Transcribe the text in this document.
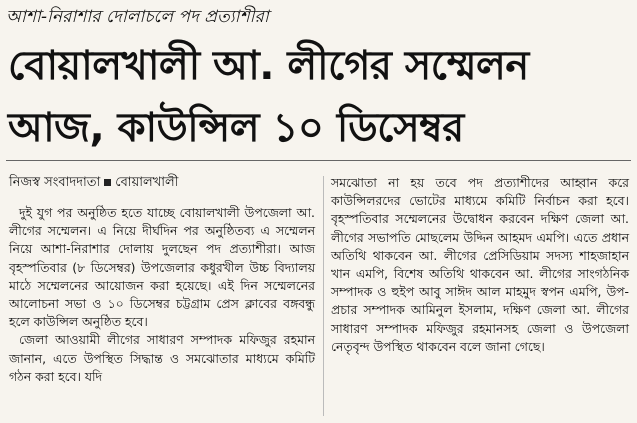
আশা-নিরাশার দোলাচলে পদ প্রত্যাশীরা
বোয়ালখালী আ. লীগের সম্মেলন
আজ, কাউন্সিল ১০ ডিসেম্বর
নিজস্ব সংবাদদাতা বোয়ালখালী

দুই যুগ পর অনুষ্ঠিত হতে যাচ্ছে বোয়ালখালী উপজেলা আ. লীগের সম্মেলন। এ নিয়ে দীর্ঘদিন পর অনুষ্ঠিতব্য এ সম্মেলন নিয়ে আশা-নিরাশার দোলায় দুলছেন পদ প্রত্যাশীরা। আজ বৃহস্পতিবার (৮ ডিসেম্বর) উপজেলার কধুরখীল উচ্চ বিদ্যালয় মাঠে সম্মেলনের আয়োজন করা হয়েছে। এই দিন সম্মেলনের আলোচনা সভা ও ১০ ডিসেম্বর চট্টগ্রাম প্রেস ক্লাবের বঙ্গবন্ধু হলে কাউন্সিল অনুষ্ঠিত হবে।

জেলা আওয়ামী লীগের সাধারণ সম্পাদক মফিজুর রহমান জানান, এতে উপস্থিত সিদ্ধান্ত ও সমঝোতার মাধ্যমে কমিটি গঠন করা হবে। যদি

সমঝোতা না হয় তবে পদ প্রত্যাশীদের আহ্বান করে কাউন্সিলরদের ভোটের মাধ্যমে কমিটি নির্বাচন করা হবে। বৃহস্পতিবার সম্মেলনের উদ্বোধন করবেন দক্ষিণ জেলা আ. লীগের সভাপতি মোছলেম উদ্দিন আহমদ এমপি। এতে প্রধান অতিথি থাকবেন আ. লীগের প্রেসিডিয়াম সদস্য শাহজাহান খান এমপি, বিশেষ অতিথি থাকবেন আ. লীগের সাংগঠনিক সম্পাদক ও হুইপ আবু সাঈদ আল মাহমুদ স্বপন এমপি, উপ-প্রচার সম্পাদক আমিনুল ইসলাম, দক্ষিণ জেলা আ. লীগের সাধারণ সম্পাদক মফিজুর রহমানসহ জেলা ও উপজেলা নেতৃবৃন্দ উপস্থিত থাকবেন বলে জানা গেছে।
